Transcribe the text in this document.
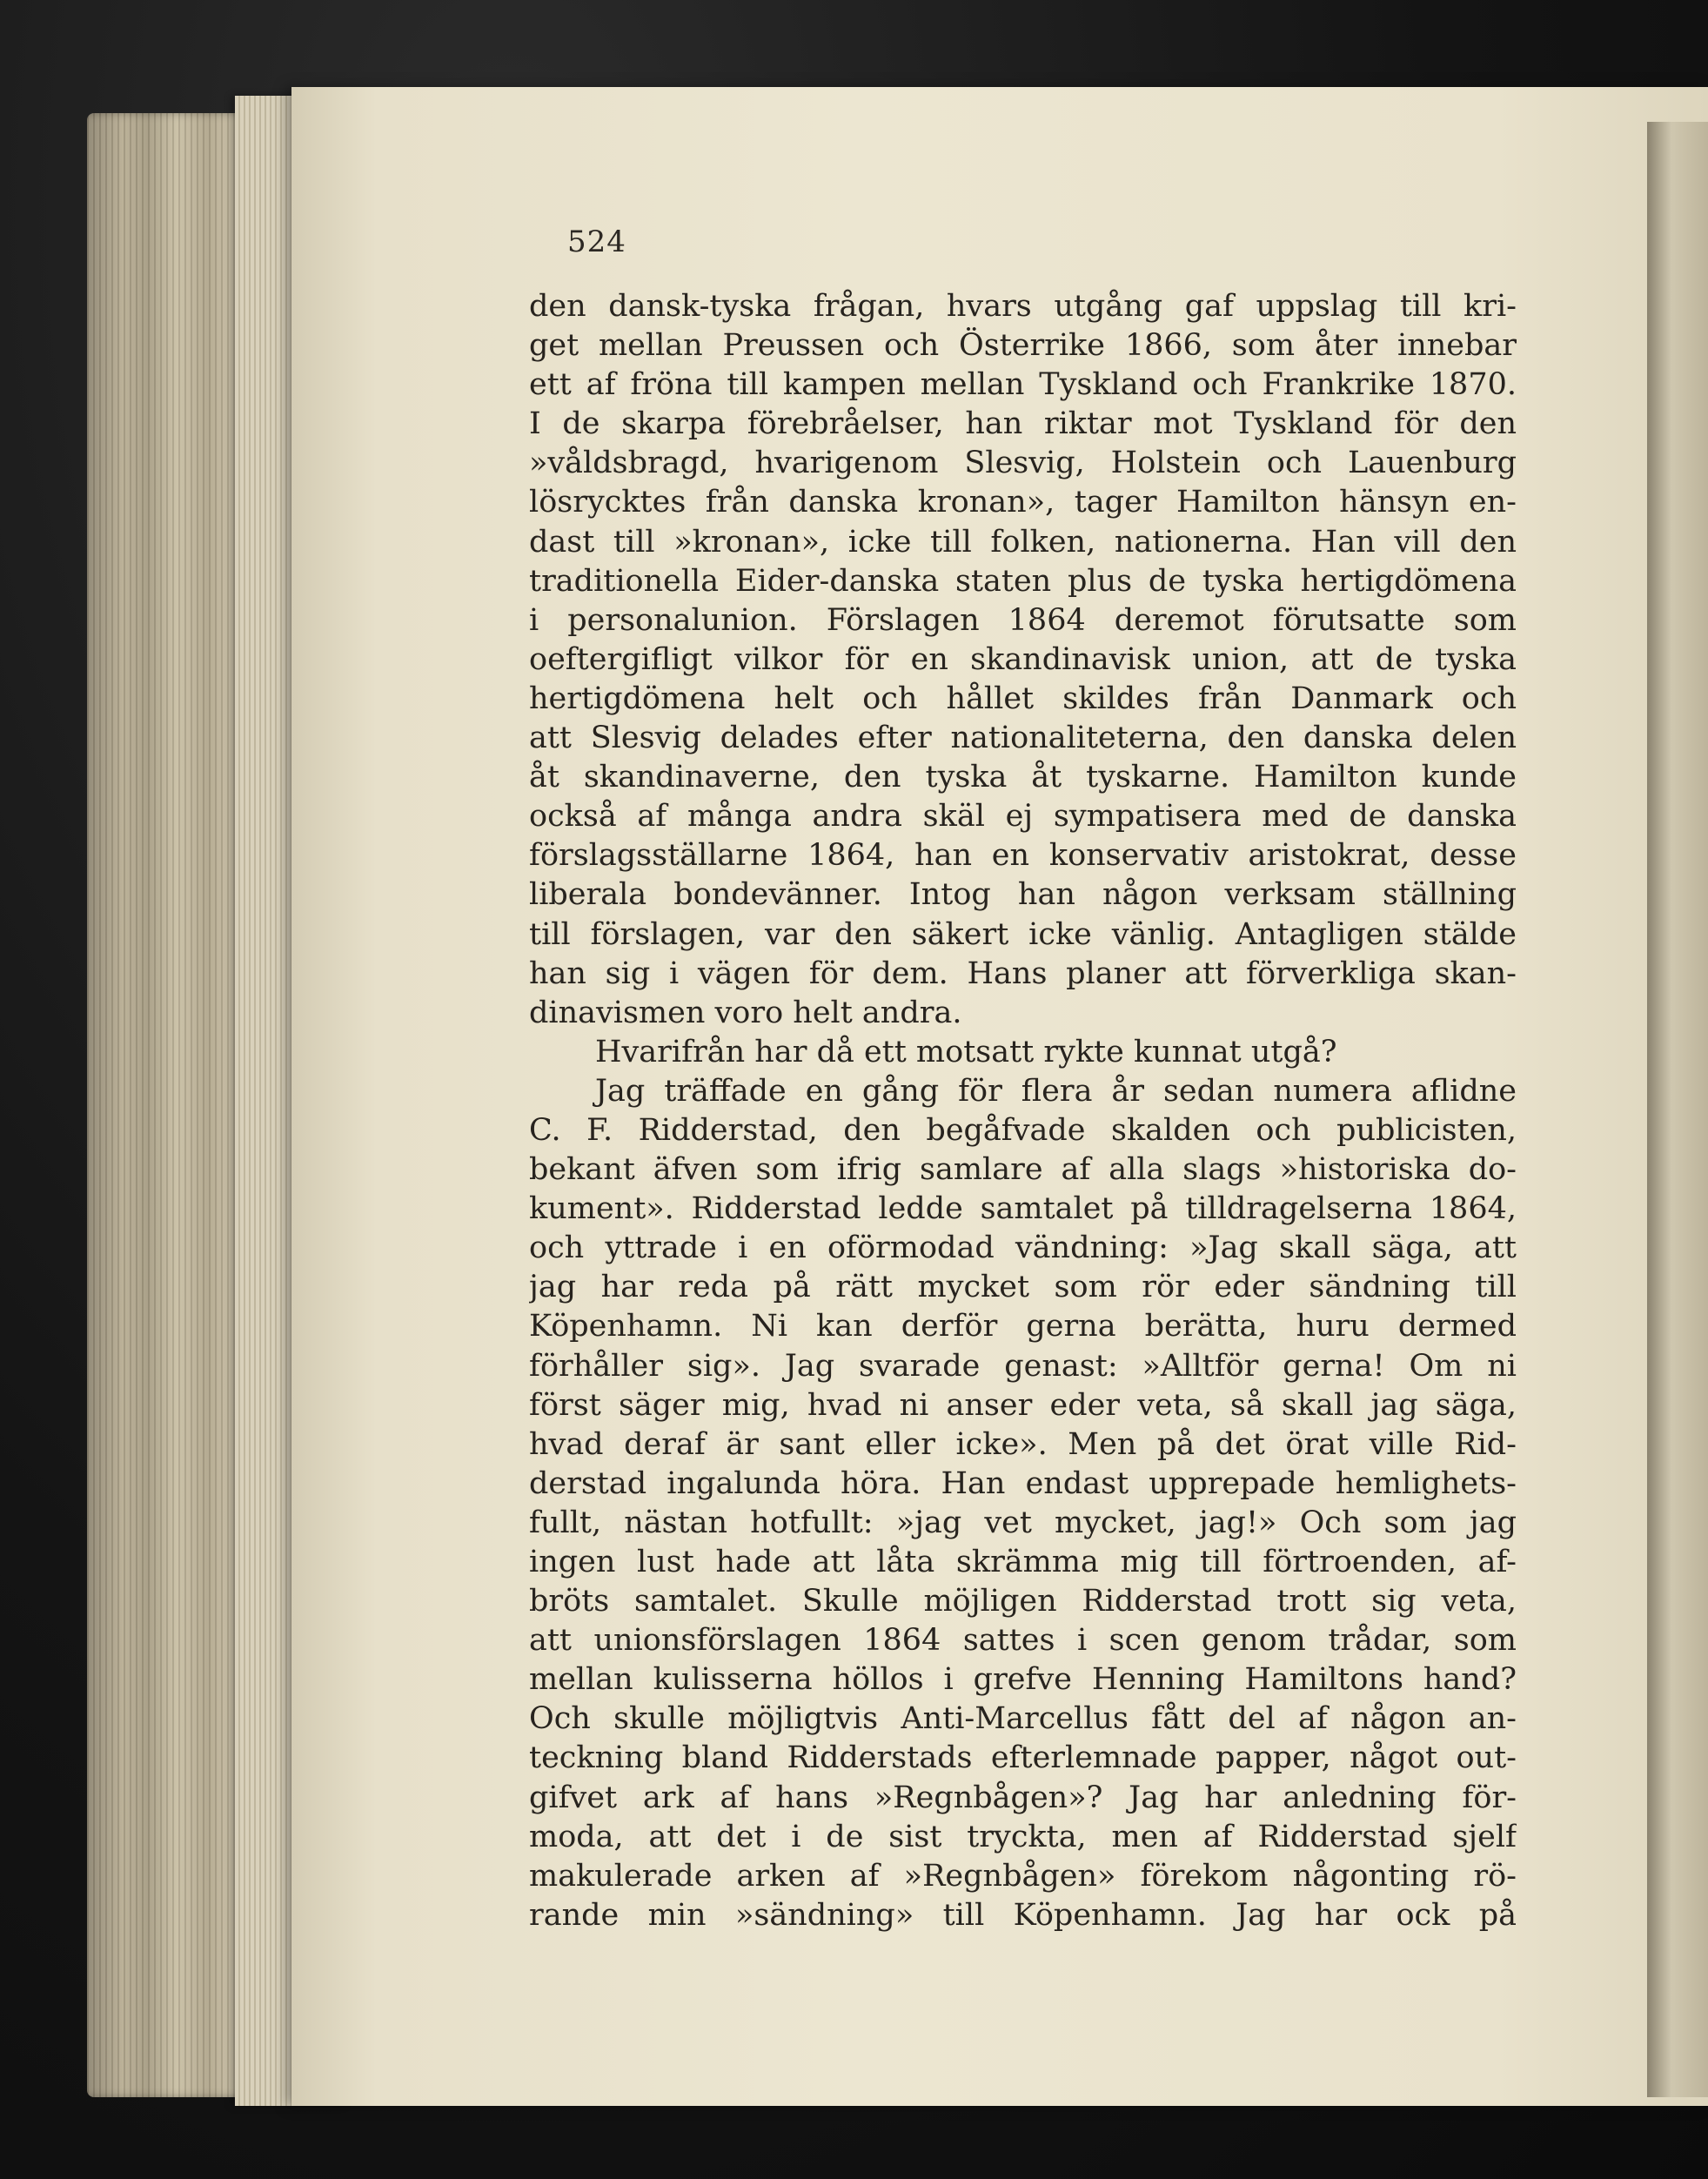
524
den dansk-tyska frågan, hvars utgång gaf uppslag till kri-
get mellan Preussen och Österrike 1866, som åter innebar
ett af fröna till kampen mellan Tyskland och Frankrike 1870.
I de skarpa förebråelser, han riktar mot Tyskland för den
»våldsbragd, hvarigenom Slesvig, Holstein och Lauenburg
lösrycktes från danska kronan», tager Hamilton hänsyn en-
dast till »kronan», icke till folken, nationerna. Han vill den
traditionella Eider-danska staten plus de tyska hertigdömena
i personalunion. Förslagen 1864 deremot förutsatte som
oeftergifligt vilkor för en skandinavisk union, att de tyska
hertigdömena helt och hållet skildes från Danmark och
att Slesvig delades efter nationaliteterna, den danska delen
åt skandinaverne, den tyska åt tyskarne. Hamilton kunde
också af många andra skäl ej sympatisera med de danska
förslagsställarne 1864, han en konservativ aristokrat, desse
liberala bondevänner. Intog han någon verksam ställning
till förslagen, var den säkert icke vänlig. Antagligen stälde
han sig i vägen för dem. Hans planer att förverkliga skan-
dinavismen voro helt andra.
Hvarifrån har då ett motsatt rykte kunnat utgå?
Jag träffade en gång för flera år sedan numera aflidne
C. F. Ridderstad, den begåfvade skalden och publicisten,
bekant äfven som ifrig samlare af alla slags »historiska do-
kument». Ridderstad ledde samtalet på tilldragelserna 1864,
och yttrade i en oförmodad vändning: »Jag skall säga, att
jag har reda på rätt mycket som rör eder sändning till
Köpenhamn. Ni kan derför gerna berätta, huru dermed
förhåller sig». Jag svarade genast: »Alltför gerna! Om ni
först säger mig, hvad ni anser eder veta, så skall jag säga,
hvad deraf är sant eller icke». Men på det örat ville Rid-
derstad ingalunda höra. Han endast upprepade hemlighets-
fullt, nästan hotfullt: »jag vet mycket, jag!» Och som jag
ingen lust hade att låta skrämma mig till förtroenden, af-
bröts samtalet. Skulle möjligen Ridderstad trott sig veta,
att unionsförslagen 1864 sattes i scen genom trådar, som
mellan kulisserna höllos i grefve Henning Hamiltons hand?
Och skulle möjligtvis Anti-Marcellus fått del af någon an-
teckning bland Ridderstads efterlemnade papper, något out-
gifvet ark af hans »Regnbågen»? Jag har anledning för-
moda, att det i de sist tryckta, men af Ridderstad sjelf
makulerade arken af »Regnbågen» förekom någonting rö-
rande min »sändning» till Köpenhamn. Jag har ock på
